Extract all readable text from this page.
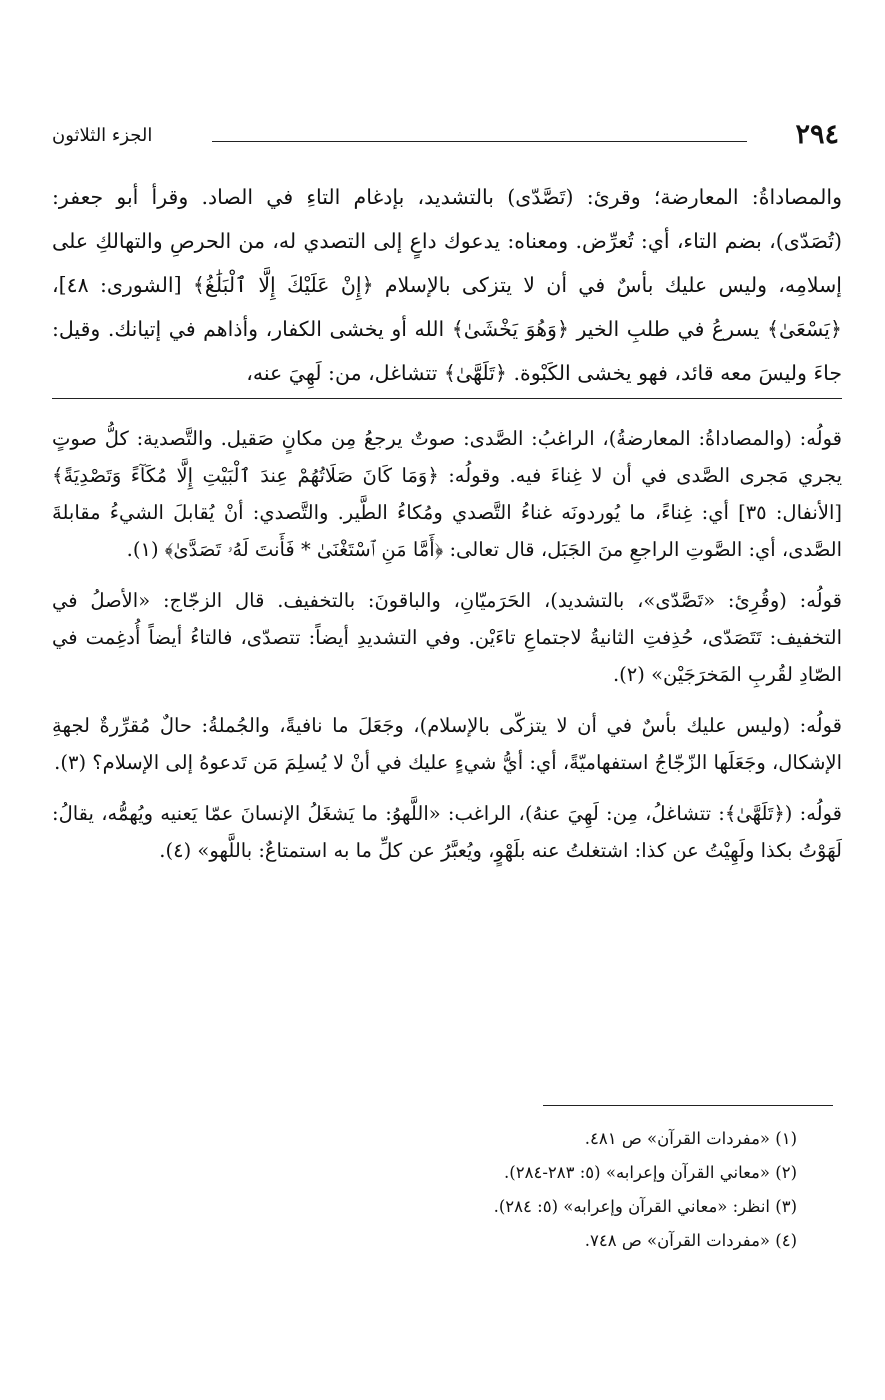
٢٩٤
الجزء الثلاثون

والمصاداةُ: المعارضة؛ وقرئ: (تَصَّدّى) بالتشديد، بإدغام التاءِ في الصاد. وقرأ أبو جعفر: (تُصَدّى)، بضم التاء، أي: تُعرِّض. ومعناه: يدعوك داعٍ إلى التصدي له، من الحرصِ والتهالكِ على إسلامِه، وليس عليك بأسٌ في أن لا يتزكى بالإسلام ﴿إِنْ عَلَيْكَ إِلَّا ٱلْبَلَٰغُ﴾ [الشورى: ٤٨]، ﴿يَسْعَىٰ﴾ يسرعُ في طلبِ الخير ﴿وَهُوَ يَخْشَىٰ﴾ الله أو يخشى الكفار، وأذاهم في إتيانك. وقيل: جاءَ وليسَ معه قائد، فهو يخشى الكَبْوة. ﴿تَلَهَّىٰ﴾ تتشاغل، من: لَهِيَ عنه،

قولُه: (والمصاداةُ: المعارضةُ)، الراغبُ: الصَّدى: صوتٌ يرجعُ مِن مكانٍ صَقيل. والتَّصدية: كلُّ صوتٍ يجري مَجرى الصَّدى في أن لا غِناءَ فيه. وقولُه: ﴿وَمَا كَانَ صَلَاتُهُمْ عِندَ ٱلْبَيْتِ إِلَّا مُكَآءً وَتَصْدِيَةً﴾ [الأنفال: ٣٥] أي: غِناءً، ما يُوردونَه غناءُ التَّصدي ومُكاءُ الطَّير. والتَّصدي: أنْ يُقابلَ الشيءُ مقابلةَ الصَّدى، أي: الصَّوتِ الراجعِ منَ الجَبَل، قال تعالى: ﴿أَمَّا مَنِ ٱسْتَغْنَىٰ * فَأَنتَ لَهُۥ تَصَدَّىٰ﴾ (١).

قولُه: (وقُرِئ: «تَصَّدّى»، بالتشديد)، الحَرَميّانِ، والباقونَ: بالتخفيف. قال الزجّاج: «الأصلُ في التخفيف: تَتَصَدّى، حُذِفتِ الثانيةُ لاجتماعِ تاءَيْن. وفي التشديدِ أيضاً: تتصدّى، فالتاءُ أيضاً أُدغِمت في الصّادِ لقُربِ المَخرَجَيْن» (٢).

قولُه: (وليس عليك بأسٌ في أن لا يتزكّى بالإسلام)، وجَعَلَ ما نافيةً، والجُملةُ: حالٌ مُقرِّرةٌ لجهةِ الإشكال، وجَعَلَها الزّجّاجُ استفهاميّةً، أي: أيُّ شيءٍ عليك في أنْ لا يُسلِمَ مَن تَدعوهُ إلى الإسلام؟ (٣).

قولُه: (﴿تَلَهَّىٰ﴾: تتشاغلُ، مِن: لَهِيَ عنهُ)، الراغب: «اللَّهوُ: ما يَشغَلُ الإنسانَ عمّا يَعنيه ويُهمُّه، يقالُ: لَهَوْتُ بكذا ولَهِيْتُ عن كذا: اشتغلتُ عنه بلَهْوٍ، ويُعبَّرُ عن كلِّ ما به استمتاعٌ: باللَّهو» (٤).

(١) «مفردات القرآن» ص ٤٨١.

(٢) «معاني القرآن وإعرابه» (٥: ٢٨٣-٢٨٤).

(٣) انظر: «معاني القرآن وإعرابه» (٥: ٢٨٤).

(٤) «مفردات القرآن» ص ٧٤٨.
